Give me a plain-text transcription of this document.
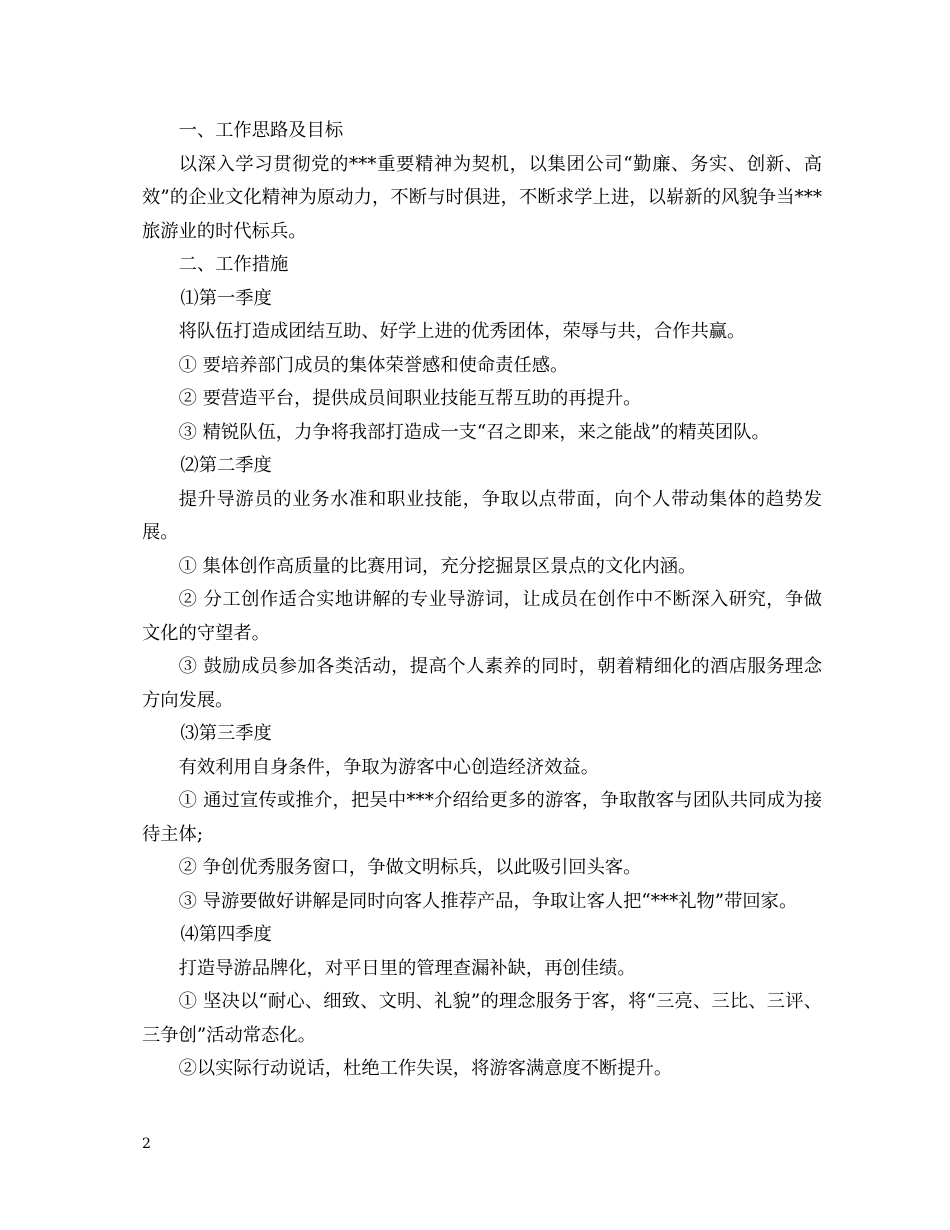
一、工作思路及目标

以深入学习贯彻党的***重要精神为契机，以集团公司“勤廉、务实、创新、高效”的企业文化精神为原动力，不断与时俱进，不断求学上进，以崭新的风貌争当***旅游业的时代标兵。

二、工作措施

⑴第一季度

将队伍打造成团结互助、好学上进的优秀团体，荣辱与共，合作共赢。

① 要培养部门成员的集体荣誉感和使命责任感。

② 要营造平台，提供成员间职业技能互帮互助的再提升。

③ 精锐队伍，力争将我部打造成一支“召之即来，来之能战”的精英团队。

⑵第二季度

提升导游员的业务水准和职业技能，争取以点带面，向个人带动集体的趋势发展。

① 集体创作高质量的比赛用词，充分挖掘景区景点的文化内涵。

② 分工创作适合实地讲解的专业导游词，让成员在创作中不断深入研究，争做文化的守望者。

③ 鼓励成员参加各类活动，提高个人素养的同时，朝着精细化的酒店服务理念方向发展。

⑶第三季度

有效利用自身条件，争取为游客中心创造经济效益。

① 通过宣传或推介，把吴中***介绍给更多的游客，争取散客与团队共同成为接待主体;

② 争创优秀服务窗口，争做文明标兵，以此吸引回头客。

③ 导游要做好讲解是同时向客人推荐产品，争取让客人把“***礼物”带回家。

⑷第四季度

打造导游品牌化，对平日里的管理查漏补缺，再创佳绩。

① 坚决以“耐心、细致、文明、礼貌”的理念服务于客，将“三亮、三比、三评、三争创”活动常态化。

②以实际行动说话，杜绝工作失误，将游客满意度不断提升。

2
